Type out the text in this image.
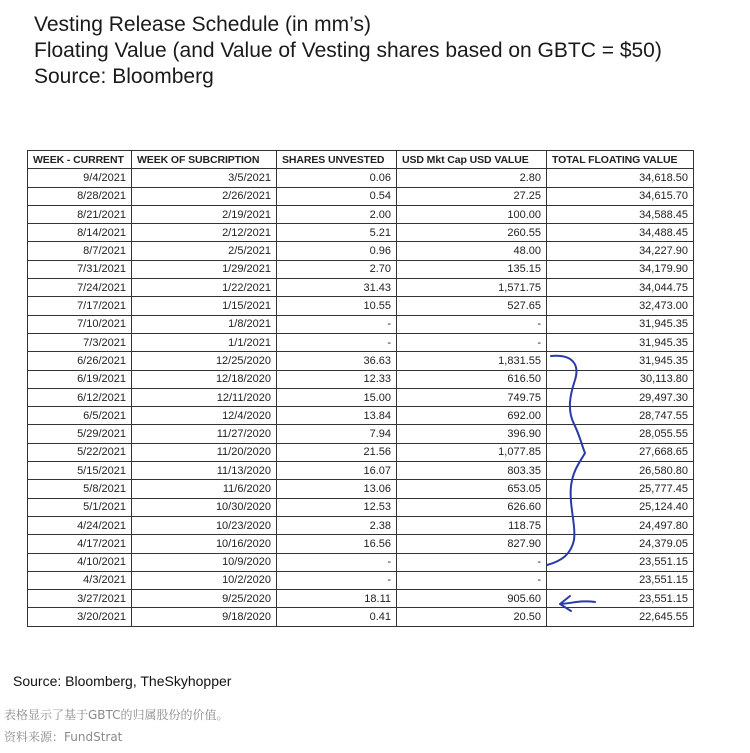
Vesting Release Schedule (in mm’s)
Floating Value (and Value of Vesting shares based on GBTC = $50)
Source: Bloomberg
WEEK - CURRENT	WEEK OF SUBCRIPTION	SHARES UNVESTED	USD Mkt Cap USD VALUE	TOTAL FLOATING VALUE
9/4/2021	3/5/2021	0.06	2.80	34,618.50
8/28/2021	2/26/2021	0.54	27.25	34,615.70
8/21/2021	2/19/2021	2.00	100.00	34,588.45
8/14/2021	2/12/2021	5.21	260.55	34,488.45
8/7/2021	2/5/2021	0.96	48.00	34,227.90
7/31/2021	1/29/2021	2.70	135.15	34,179.90
7/24/2021	1/22/2021	31.43	1,571.75	34,044.75
7/17/2021	1/15/2021	10.55	527.65	32,473.00
7/10/2021	1/8/2021	-	-	31,945.35
7/3/2021	1/1/2021	-	-	31,945.35
6/26/2021	12/25/2020	36.63	1,831.55	31,945.35
6/19/2021	12/18/2020	12.33	616.50	30,113.80
6/12/2021	12/11/2020	15.00	749.75	29,497.30
6/5/2021	12/4/2020	13.84	692.00	28,747.55
5/29/2021	11/27/2020	7.94	396.90	28,055.55
5/22/2021	11/20/2020	21.56	1,077.85	27,668.65
5/15/2021	11/13/2020	16.07	803.35	26,580.80
5/8/2021	11/6/2020	13.06	653.05	25,777.45
5/1/2021	10/30/2020	12.53	626.60	25,124.40
4/24/2021	10/23/2020	2.38	118.75	24,497.80
4/17/2021	10/16/2020	16.56	827.90	24,379.05
4/10/2021	10/9/2020	-	-	23,551.15
4/3/2021	10/2/2020	-	-	23,551.15
3/27/2021	9/25/2020	18.11	905.60	23,551.15
3/20/2021	9/18/2020	0.41	20.50	22,645.55
Source: Bloomberg, TheSkyhopper
表格显示了基于GBTC的归属股份的价值。
资料来源：FundStrat
